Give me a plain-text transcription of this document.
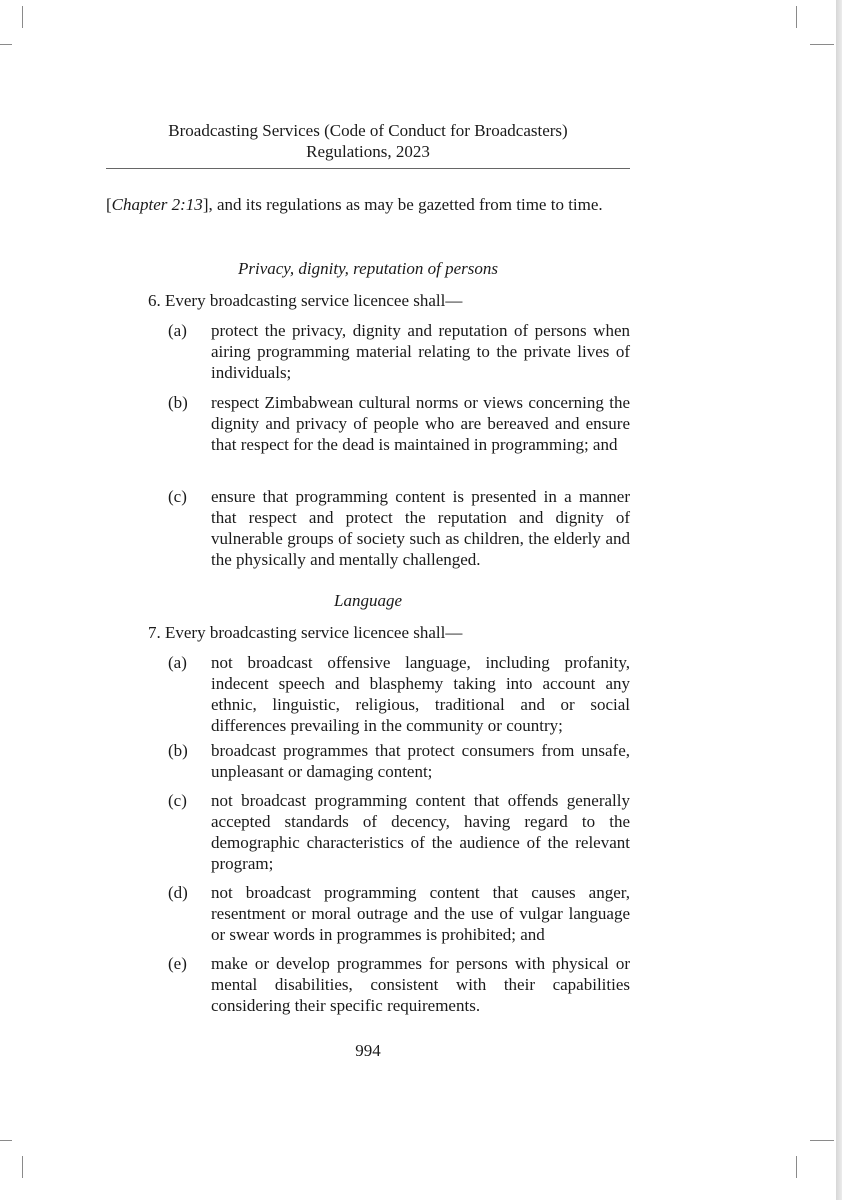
Broadcasting Services (Code of Conduct for Broadcasters)
Regulations, 2023
[Chapter 2:13], and its regulations as may be gazetted from time to time.
Privacy, dignity, reputation of persons
6. Every broadcasting service licencee shall—
(a) protect the privacy, dignity and reputation of persons when airing programming material relating to the private lives of individuals;
(b) respect Zimbabwean cultural norms or views concerning the dignity and privacy of people who are bereaved and ensure that respect for the dead is maintained in programming; and
(c) ensure that programming content is presented in a manner that respect and protect the reputation and dignity of vulnerable groups of society such as children, the elderly and the physically and mentally challenged.
Language
7. Every broadcasting service licencee shall—
(a) not broadcast offensive language, including profanity, indecent speech and blasphemy taking into account any ethnic, linguistic, religious, traditional and or social differences prevailing in the community or country;
(b) broadcast programmes that protect consumers from unsafe, unpleasant or damaging content;
(c) not broadcast programming content that offends generally accepted standards of decency, having regard to the demographic characteristics of the audience of the relevant program;
(d) not broadcast programming content that causes anger, resentment or moral outrage and the use of vulgar language or swear words in programmes is prohibited; and
(e) make or develop programmes for persons with physical or mental disabilities, consistent with their capabilities considering their specific requirements.
994
